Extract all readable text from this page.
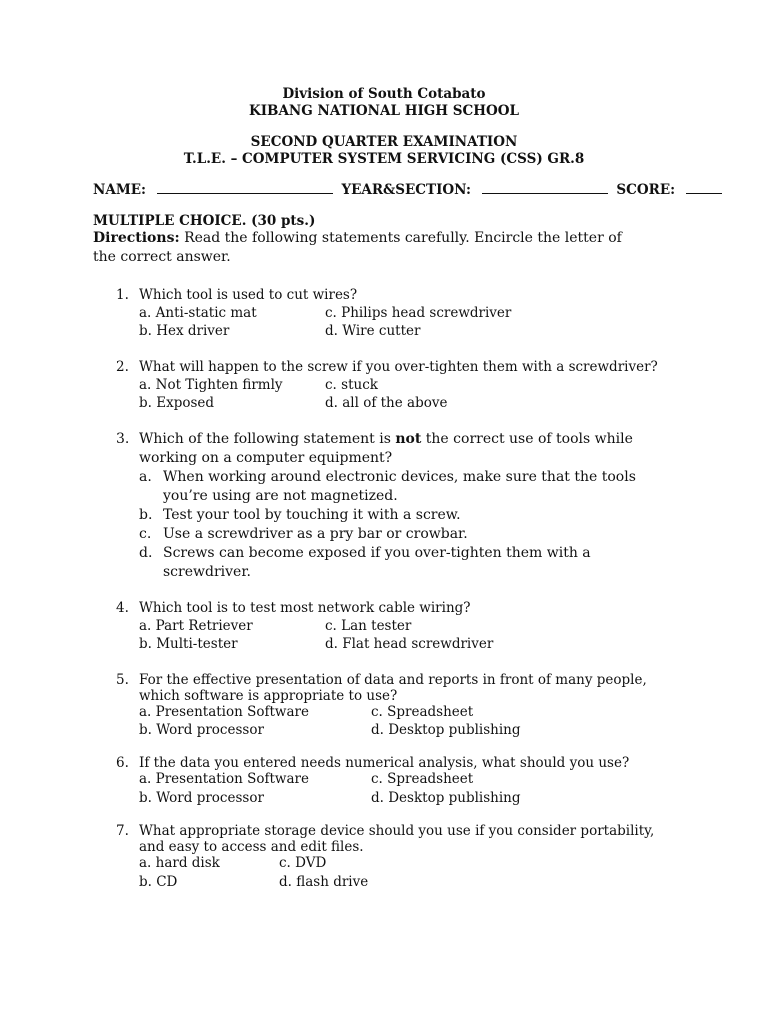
Division of South Cotabato
KIBANG NATIONAL HIGH SCHOOL
SECOND QUARTER EXAMINATION
T.L.E. – COMPUTER SYSTEM SERVICING (CSS) GR.8
NAME:	YEAR&SECTION:	SCORE:
MULTIPLE CHOICE. (30 pts.)
Directions: Read the following statements carefully. Encircle the letter of
the correct answer.
1. Which tool is used to cut wires?
a. Anti-static mat	c. Philips head screwdriver
b. Hex driver	d. Wire cutter
2. What will happen to the screw if you over-tighten them with a screwdriver?
a. Not Tighten firmly	c. stuck
b. Exposed	d. all of the above
3. Which of the following statement is not the correct use of tools while
working on a computer equipment?
a. When working around electronic devices, make sure that the tools
you’re using are not magnetized.
b. Test your tool by touching it with a screw.
c. Use a screwdriver as a pry bar or crowbar.
d. Screws can become exposed if you over-tighten them with a
screwdriver.
4. Which tool is to test most network cable wiring?
a. Part Retriever	c. Lan tester
b. Multi-tester	d. Flat head screwdriver
5. For the effective presentation of data and reports in front of many people,
which software is appropriate to use?
a. Presentation Software	c. Spreadsheet
b. Word processor	d. Desktop publishing
6. If the data you entered needs numerical analysis, what should you use?
a. Presentation Software	c. Spreadsheet
b. Word processor	d. Desktop publishing
7. What appropriate storage device should you use if you consider portability,
and easy to access and edit files.
a. hard disk	c. DVD
b. CD	d. flash drive
